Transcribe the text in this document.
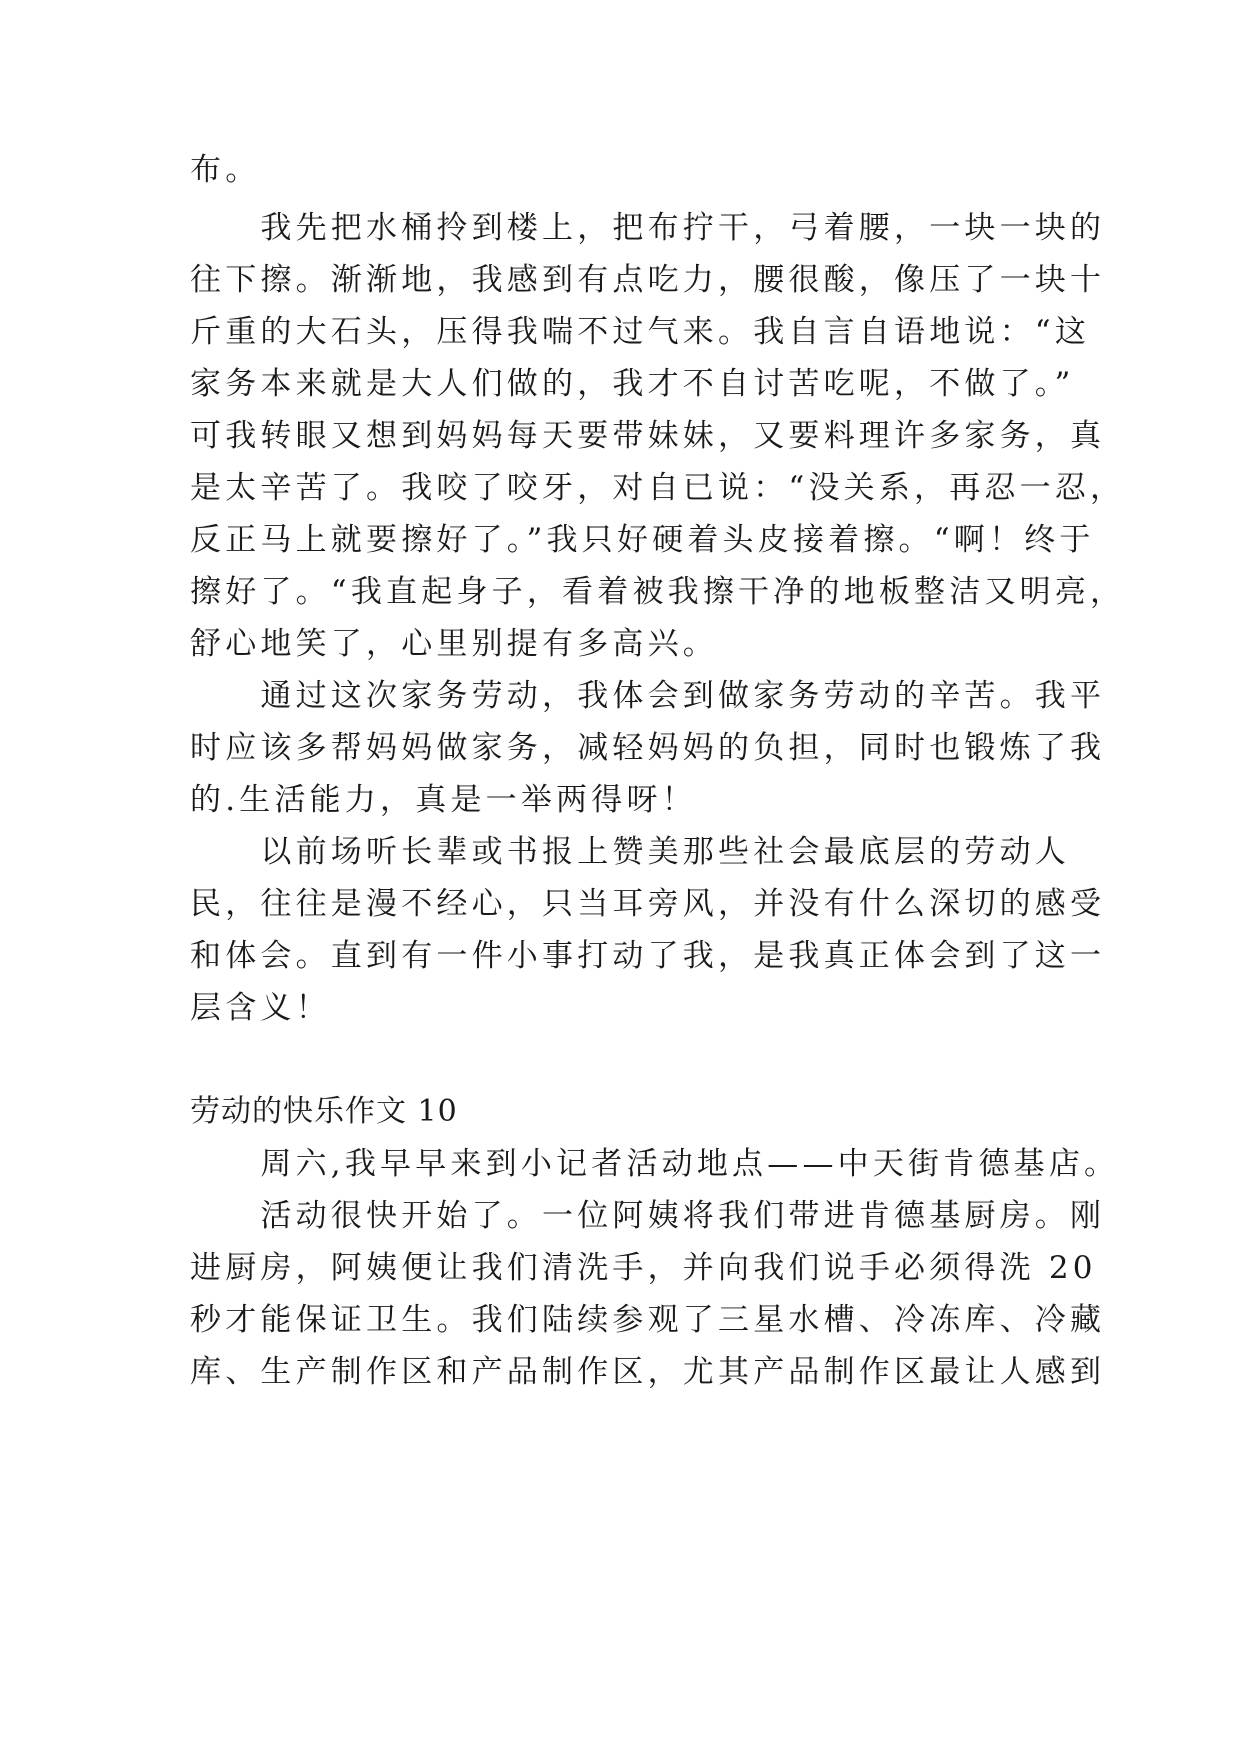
布。
　　我先把水桶拎到楼上，把布拧干，弓着腰，一块一块的
往下擦。渐渐地，我感到有点吃力，腰很酸，像压了一块十
斤重的大石头，压得我喘不过气来。我自言自语地说：“这
家务本来就是大人们做的，我才不自讨苦吃呢，不做了。”
可我转眼又想到妈妈每天要带妹妹，又要料理许多家务，真
是太辛苦了。我咬了咬牙，对自已说：“没关系，再忍一忍，
反正马上就要擦好了。”我只好硬着头皮接着擦。“啊！终于
擦好了。“我直起身子，看着被我擦干净的地板整洁又明亮，
舒心地笑了，心里别提有多高兴。
　　通过这次家务劳动，我体会到做家务劳动的辛苦。我平
时应该多帮妈妈做家务，减轻妈妈的负担，同时也锻炼了我
的.生活能力，真是一举两得呀！
　　以前场听长辈或书报上赞美那些社会最底层的劳动人
民，往往是漫不经心，只当耳旁风，并没有什么深切的感受
和体会。直到有一件小事打动了我，是我真正体会到了这一
层含义！
劳动的快乐作文 10
　　周六,我早早来到小记者活动地点——中天街肯德基店。
　　活动很快开始了。一位阿姨将我们带进肯德基厨房。刚
进厨房，阿姨便让我们清洗手，并向我们说手必须得洗 20
秒才能保证卫生。我们陆续参观了三星水槽、冷冻库、冷藏
库、生产制作区和产品制作区，尤其产品制作区最让人感到
